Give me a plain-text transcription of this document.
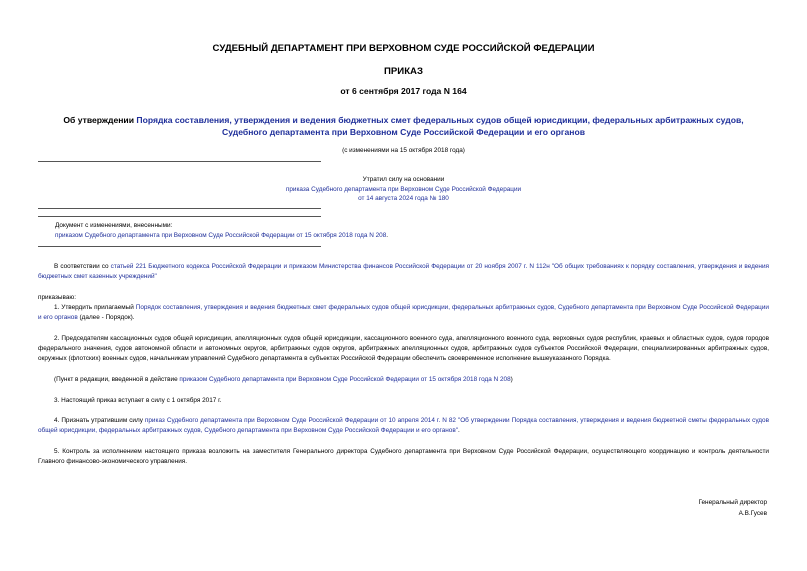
СУДЕБНЫЙ ДЕПАРТАМЕНТ ПРИ ВЕРХОВНОМ СУДЕ РОССИЙСКОЙ ФЕДЕРАЦИИ
ПРИКАЗ
от 6 сентября 2017 года N 164
Об утверждении Порядка составления, утверждения и ведения бюджетных смет федеральных судов общей юрисдикции, федеральных арбитражных судов,
Судебного департамента при Верховном Суде Российской Федерации и его органов
(с изменениями на 15 октября 2018 года)
Утратил силу на основании
приказа Судебного департамента при Верховном Суде Российской Федерации
от 14 августа 2024 года № 180
Документ с изменениями, внесенными:
приказом Судебного департамента при Верховном Суде Российской Федерации от 15 октября 2018 года N 208.
В соответствии со статьей 221 Бюджетного кодекса Российской Федерации и приказом Министерства финансов Российской Федерации от 20 ноября 2007 г. N 112н "Об общих требованиях к порядку составления, утверждения и ведения бюджетных смет казенных учреждений"
приказываю:
1. Утвердить прилагаемый Порядок составления, утверждения и ведения бюджетных смет федеральных судов общей юрисдикции, федеральных арбитражных судов, Судебного департамента при Верховном Суде Российской Федерации и его органов (далее - Порядок).
2. Председателям кассационных судов общей юрисдикции, апелляционных судов общей юрисдикции, кассационного военного суда, апелляционного военного суда, верховных судов республик, краевых и областных судов, судов городов федерального значения, судов автономной области и автономных округов, арбитражных судов округов, арбитражных апелляционных судов, арбитражных судов субъектов Российской Федерации, специализированных арбитражных судов, окружных (флотских) военных судов, начальникам управлений Судебного департамента в субъектах Российской Федерации обеспечить своевременное исполнение вышеуказанного Порядка.
(Пункт в редакции, введенной в действие приказом Судебного департамента при Верховном Суде Российской Федерации от 15 октября 2018 года N 208)
3. Настоящий приказ вступает в силу с 1 октября 2017 г.
4. Признать утратившим силу приказ Судебного департамента при Верховном Суде Российской Федерации от 10 апреля 2014 г. N 82 "Об утверждении Порядка составления, утверждения и ведения бюджетной сметы федеральных судов общей юрисдикции, федеральных арбитражных судов, Судебного департамента при Верховном Суде Российской Федерации и его органов".
5. Контроль за исполнением настоящего приказа возложить на заместителя Генерального директора Судебного департамента при Верховном Суде Российской Федерации, осуществляющего координацию и контроль деятельности Главного финансово-экономического управления.
Генеральный директор
А.В.Гусев
